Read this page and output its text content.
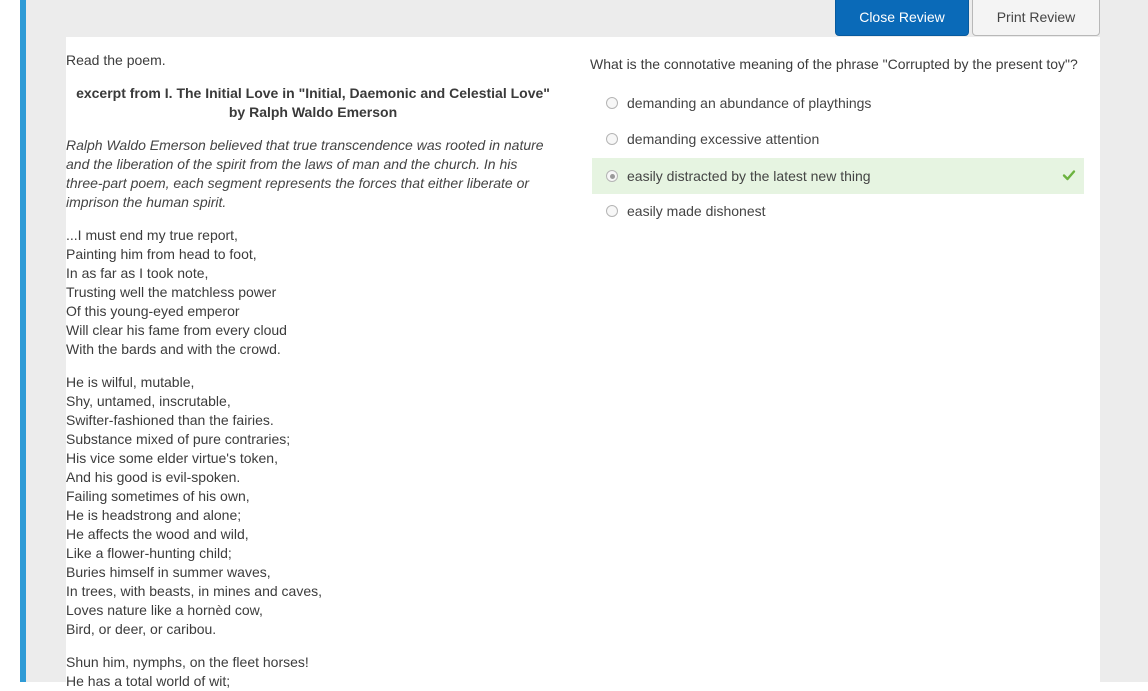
Close Review	Print Review
Read the poem.
excerpt from I. The Initial Love in "Initial, Daemonic and Celestial Love" by Ralph Waldo Emerson
Ralph Waldo Emerson believed that true transcendence was rooted in nature and the liberation of the spirit from the laws of man and the church. In his three-part poem, each segment represents the forces that either liberate or imprison the human spirit.
...I must end my true report,
Painting him from head to foot,
In as far as I took note,
Trusting well the matchless power
Of this young-eyed emperor
Will clear his fame from every cloud
With the bards and with the crowd.
He is wilful, mutable,
Shy, untamed, inscrutable,
Swifter-fashioned than the fairies.
Substance mixed of pure contraries;
His vice some elder virtue's token,
And his good is evil-spoken.
Failing sometimes of his own,
He is headstrong and alone;
He affects the wood and wild,
Like a flower-hunting child;
Buries himself in summer waves,
In trees, with beasts, in mines and caves,
Loves nature like a hornèd cow,
Bird, or deer, or caribou.
Shun him, nymphs, on the fleet horses!
He has a total world of wit;
What is the connotative meaning of the phrase "Corrupted by the present toy"?
demanding an abundance of playthings
demanding excessive attention
easily distracted by the latest new thing
easily made dishonest
